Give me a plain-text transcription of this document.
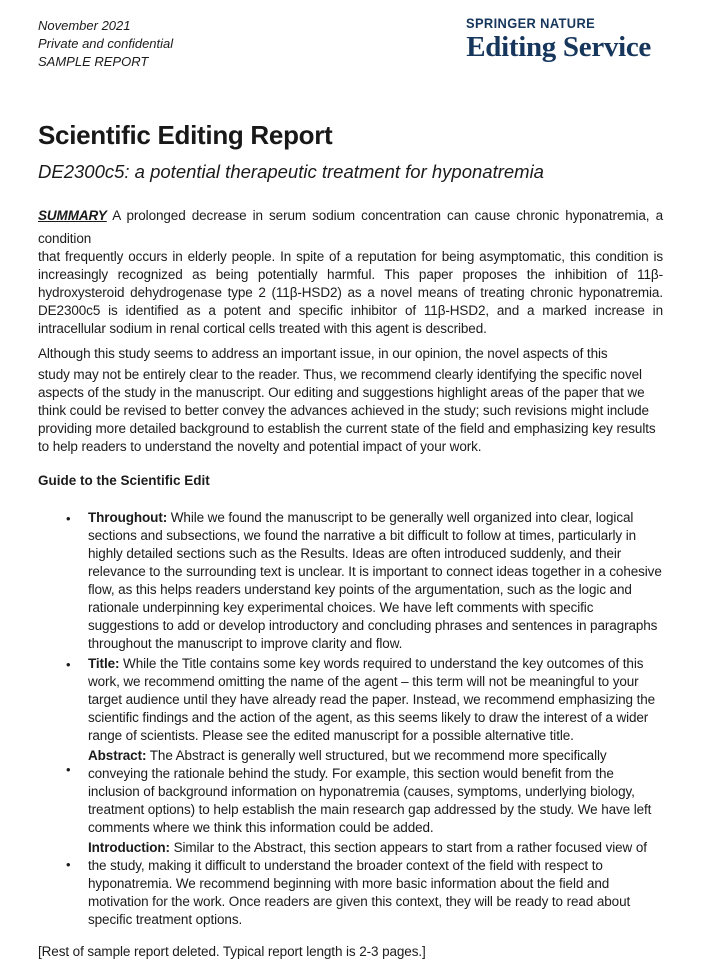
November 2021
Private and confidential
SAMPLE REPORT
SPRINGER NATURE
Editing Service
Scientific Editing Report
DE2300c5: a potential therapeutic treatment for hyponatremia

SUMMARY A prolonged decrease in serum sodium concentration can cause chronic hyponatremia, a

condition
that frequently occurs in elderly people. In spite of a reputation for being asymptomatic, this condition is increasingly recognized as being potentially harmful. This paper proposes the inhibition of 11β-hydroxysteroid dehydrogenase type 2 (11β-HSD2) as a novel means of treating chronic hyponatremia. DE2300c5 is identified as a potent and specific inhibitor of 11β-HSD2, and a marked increase in intracellular sodium in renal cortical cells treated with this agent is described.

Although this study seems to address an important issue, in our opinion, the novel aspects of this

study may not be entirely clear to the reader. Thus, we recommend clearly identifying the specific novel aspects of the study in the manuscript. Our editing and suggestions highlight areas of the paper that we think could be revised to better convey the advances achieved in the study; such revisions might include providing more detailed background to establish the current state of the field and emphasizing key results to help readers to understand the novelty and potential impact of your work.

Guide to the Scientific Edit
• Throughout: While we found the manuscript to be generally well organized into clear, logical sections and subsections, we found the narrative a bit difficult to follow at times, particularly in highly detailed sections such as the Results. Ideas are often introduced suddenly, and their relevance to the surrounding text is unclear. It is important to connect ideas together in a cohesive flow, as this helps readers understand key points of the argumentation, such as the logic and rationale underpinning key experimental choices. We have left comments with specific suggestions to add or develop introductory and concluding phrases and sentences in paragraphs throughout the manuscript to improve clarity and flow.
• Title: While the Title contains some key words required to understand the key outcomes of this work, we recommend omitting the name of the agent – this term will not be meaningful to your target audience until they have already read the paper. Instead, we recommend emphasizing the scientific findings and the action of the agent, as this seems likely to draw the interest of a wider range of scientists. Please see the edited manuscript for a possible alternative title.
• Abstract: The Abstract is generally well structured, but we recommend more specifically conveying the rationale behind the study. For example, this section would benefit from the inclusion of background information on hyponatremia (causes, symptoms, underlying biology, treatment options) to help establish the main research gap addressed by the study. We have left comments where we think this information could be added.
• Introduction: Similar to the Abstract, this section appears to start from a rather focused view of the study, making it difficult to understand the broader context of the field with respect to hyponatremia. We recommend beginning with more basic information about the field and motivation for the work. Once readers are given this context, they will be ready to read about specific treatment options.

[Rest of sample report deleted. Typical report length is 2-3 pages.]
